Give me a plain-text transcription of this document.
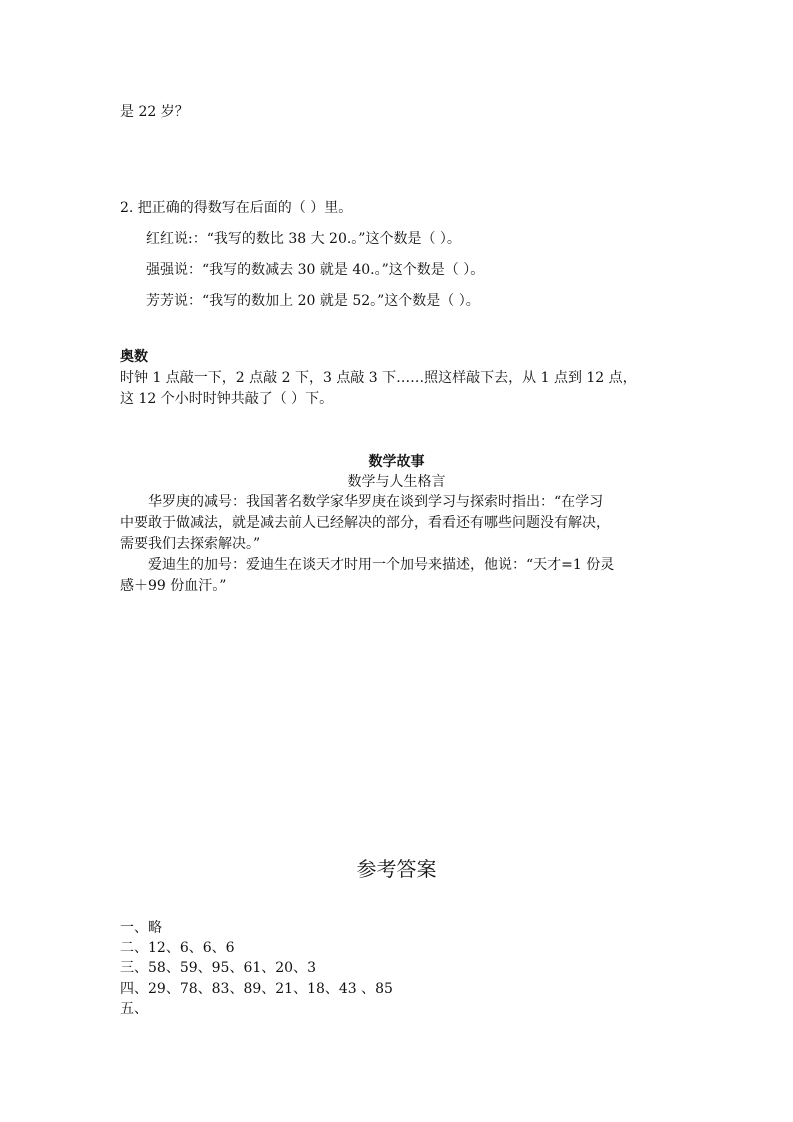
是 22 岁？
2. 把正确的得数写在后面的（ ）里。
红红说:：“我写的数比 38 大 20.。”这个数是（ ）。
强强说：“我写的数减去 30 就是 40.。”这个数是（ ）。
芳芳说：“我写的数加上 20 就是 52。”这个数是（ ）。
奥数
时钟 1 点敲一下，2 点敲 2 下，3 点敲 3 下……照这样敲下去，从 1 点到 12 点，
这 12 个小时时钟共敲了（ ）下。
数学故事
数学与人生格言
华罗庚的减号：我国著名数学家华罗庚在谈到学习与探索时指出：“在学习
中要敢于做减法，就是减去前人已经解决的部分，看看还有哪些问题没有解决，
需要我们去探索解决。”
爱迪生的加号：爱迪生在谈天才时用一个加号来描述，他说：“天才=1 份灵
感＋99 份血汗。”
参考答案
一、略
二、12、6、6、6
三、58、59、95、61、20、3
四、29、78、83、89、21、18、43 、85
五、
